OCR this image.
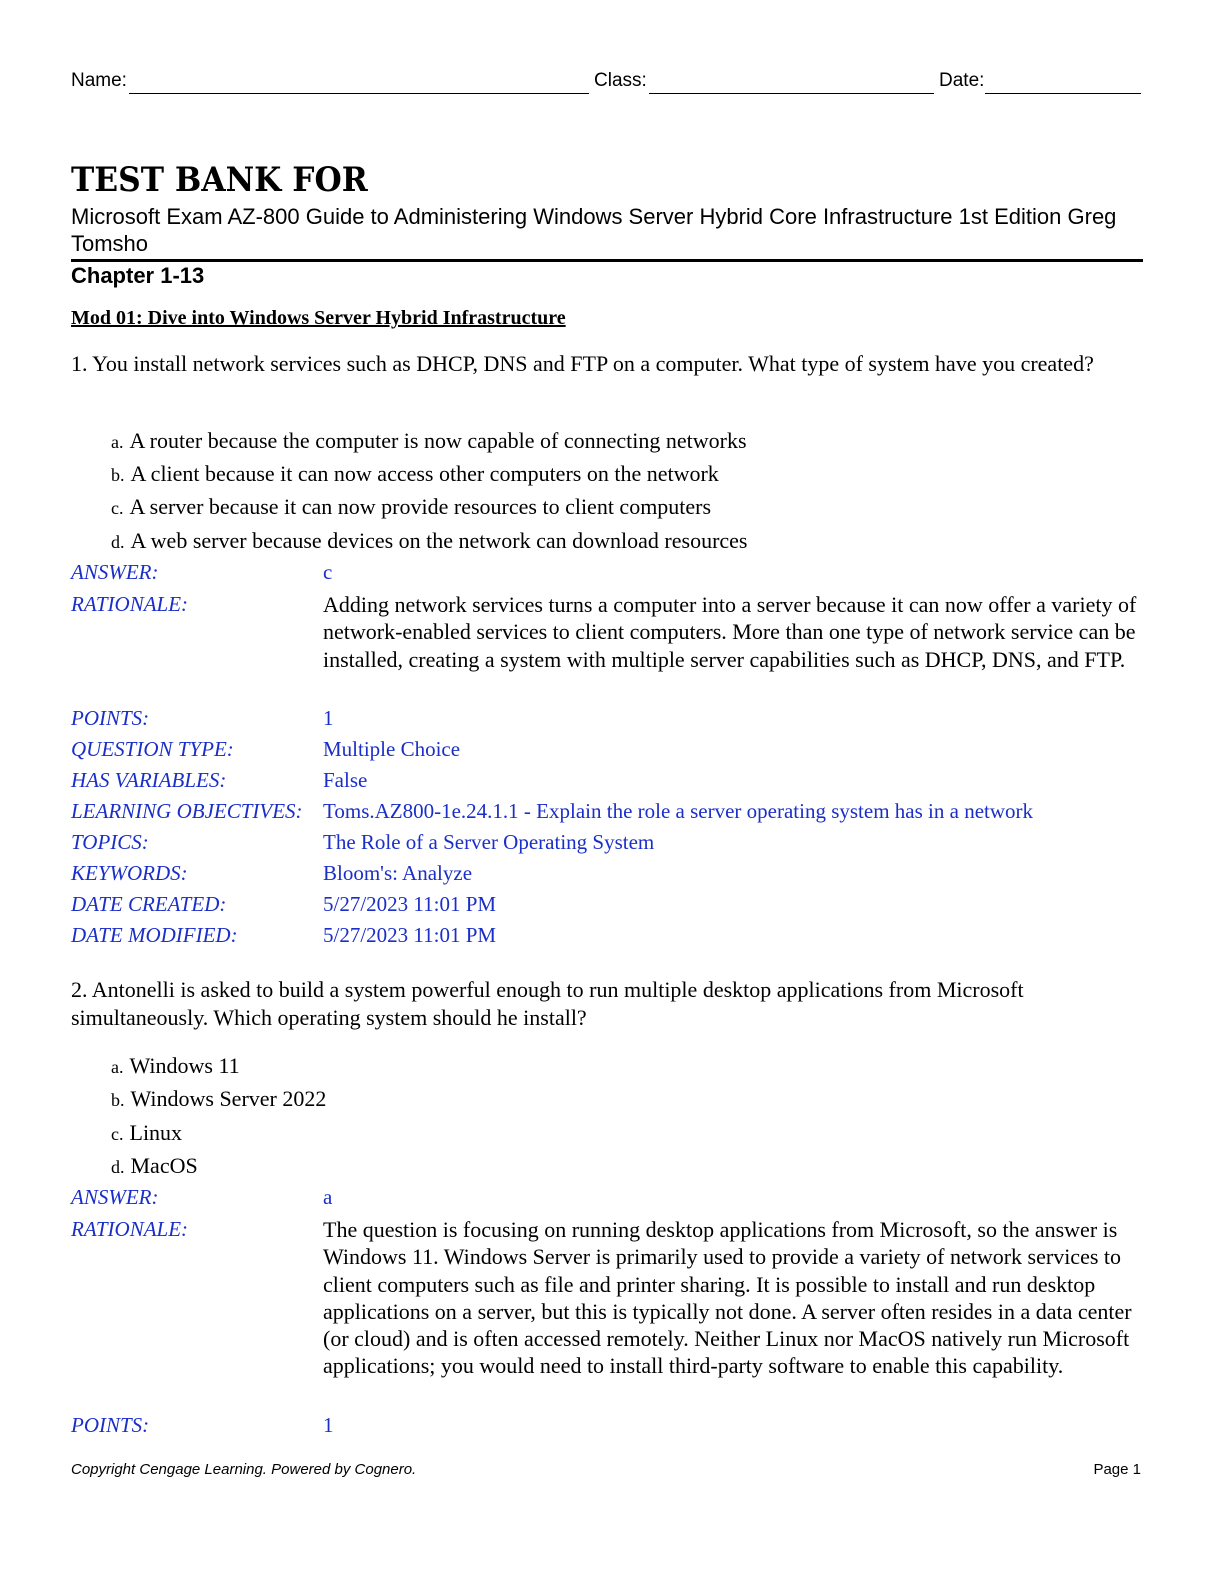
Name:	Class:	Date:
TEST BANK FOR
Microsoft Exam AZ-800 Guide to Administering Windows Server Hybrid Core Infrastructure 1st Edition Greg Tomsho
Chapter 1-13
Mod 01: Dive into Windows Server Hybrid Infrastructure
1. You install network services such as DHCP, DNS and FTP on a computer. What type of system have you created?
a. A router because the computer is now capable of connecting networks
b. A client because it can now access other computers on the network
c. A server because it can now provide resources to client computers
d. A web server because devices on the network can download resources
ANSWER:	c
RATIONALE:	Adding network services turns a computer into a server because it can now offer a variety of network-enabled services to client computers. More than one type of network service can be installed, creating a system with multiple server capabilities such as DHCP, DNS, and FTP.
POINTS:	1
QUESTION TYPE:	Multiple Choice
HAS VARIABLES:	False
LEARNING OBJECTIVES: Toms.AZ800-1e.24.1.1 - Explain the role a server operating system has in a network
TOPICS:	The Role of a Server Operating System
KEYWORDS:	Bloom's: Analyze
DATE CREATED:	5/27/2023 11:01 PM
DATE MODIFIED:	5/27/2023 11:01 PM
2. Antonelli is asked to build a system powerful enough to run multiple desktop applications from Microsoft simultaneously. Which operating system should he install?
a. Windows 11
b. Windows Server 2022
c. Linux
d. MacOS
ANSWER:	a
RATIONALE:	The question is focusing on running desktop applications from Microsoft, so the answer is Windows 11. Windows Server is primarily used to provide a variety of network services to client computers such as file and printer sharing. It is possible to install and run desktop applications on a server, but this is typically not done. A server often resides in a data center (or cloud) and is often accessed remotely. Neither Linux nor MacOS natively run Microsoft applications; you would need to install third-party software to enable this capability.
POINTS:	1
Copyright Cengage Learning. Powered by Cognero.	Page 1
